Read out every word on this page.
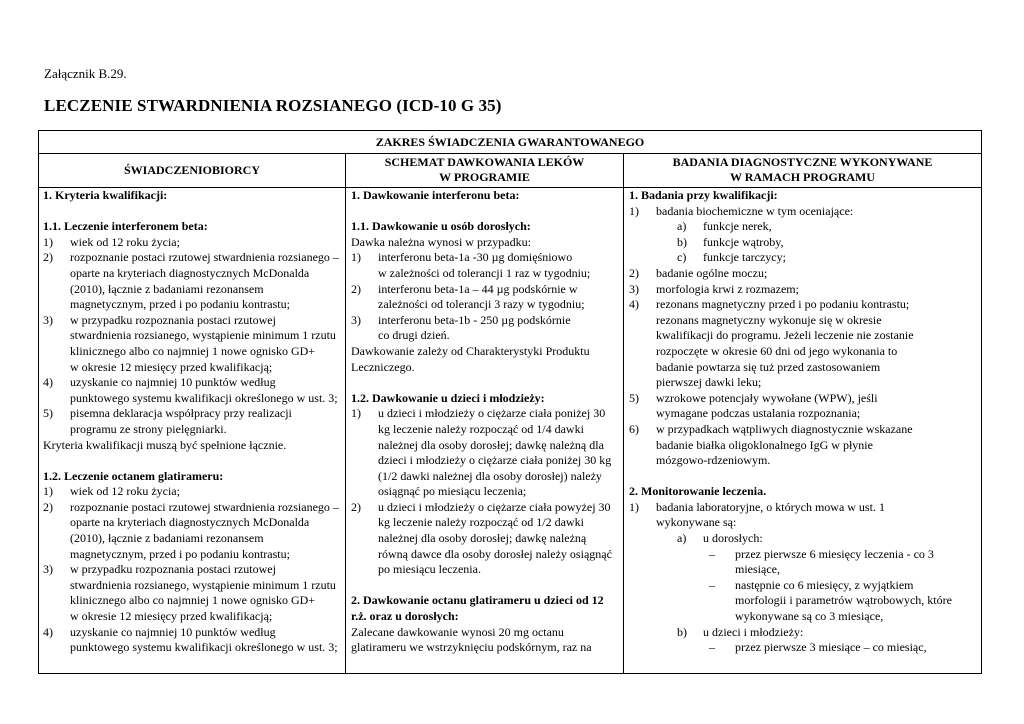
Załącznik B.29.
LECZENIE STWARDNIENIA ROZSIANEGO (ICD-10 G 35)
ZAKRES ŚWIADCZENIA GWARANTOWANEGO
ŚWIADCZENIOBIORCY
SCHEMAT DAWKOWANIA LEKÓW
W PROGRAMIE
BADANIA DIAGNOSTYCZNE WYKONYWANE
W RAMACH PROGRAMU
1. Kryteria kwalifikacji:
1.1. Leczenie interferonem beta:
1) wiek od 12 roku życia;
2) rozpoznanie postaci rzutowej stwardnienia rozsianego –
oparte na kryteriach diagnostycznych McDonalda
(2010), łącznie z badaniami rezonansem
magnetycznym, przed i po podaniu kontrastu;
3) w przypadku rozpoznania postaci rzutowej
stwardnienia rozsianego, wystąpienie minimum 1 rzutu
klinicznego albo co najmniej 1 nowe ognisko GD+
w okresie 12 miesięcy przed kwalifikacją;
4) uzyskanie co najmniej 10 punktów według
punktowego systemu kwalifikacji określonego w ust. 3;
5) pisemna deklaracja współpracy przy realizacji
programu ze strony pielęgniarki.
Kryteria kwalifikacji muszą być spełnione łącznie.
1.2. Leczenie octanem glatirameru:
1) wiek od 12 roku życia;
2) rozpoznanie postaci rzutowej stwardnienia rozsianego –
oparte na kryteriach diagnostycznych McDonalda
(2010), łącznie z badaniami rezonansem
magnetycznym, przed i po podaniu kontrastu;
3) w przypadku rozpoznania postaci rzutowej
stwardnienia rozsianego, wystąpienie minimum 1 rzutu
klinicznego albo co najmniej 1 nowe ognisko GD+
w okresie 12 miesięcy przed kwalifikacją;
4) uzyskanie co najmniej 10 punktów według
punktowego systemu kwalifikacji określonego w ust. 3;
1. Dawkowanie interferonu beta:
1.1. Dawkowanie u osób dorosłych:
Dawka należna wynosi w przypadku:
1) interferonu beta-1a -30 µg domięśniowo
w zależności od tolerancji 1 raz w tygodniu;
2) interferonu beta-1a – 44 µg podskórnie w
zależności od tolerancji 3 razy w tygodniu;
3) interferonu beta-1b - 250 µg podskórnie
co drugi dzień.
Dawkowanie zależy od Charakterystyki Produktu
Leczniczego.
1.2. Dawkowanie u dzieci i młodzieży:
1) u dzieci i młodzieży o ciężarze ciała poniżej 30
kg leczenie należy rozpocząć od 1/4 dawki
należnej dla osoby dorosłej; dawkę należną dla
dzieci i młodzieży o ciężarze ciała poniżej 30 kg
(1/2 dawki należnej dla osoby dorosłej) należy
osiągnąć po miesiącu leczenia;
2) u dzieci i młodzieży o ciężarze ciała powyżej 30
kg leczenie należy rozpocząć od 1/2 dawki
należnej dla osoby dorosłej; dawkę należną
równą dawce dla osoby dorosłej należy osiągnąć
po miesiącu leczenia.
2. Dawkowanie octanu glatirameru u dzieci od 12
r.ż. oraz u dorosłych:
Zalecane dawkowanie wynosi 20 mg octanu
glatirameru we wstrzyknięciu podskórnym, raz na
1. Badania przy kwalifikacji:
1) badania biochemiczne w tym oceniające:
a) funkcje nerek,
b) funkcje wątroby,
c) funkcje tarczycy;
2) badanie ogólne moczu;
3) morfologia krwi z rozmazem;
4) rezonans magnetyczny przed i po podaniu kontrastu;
rezonans magnetyczny wykonuje się w okresie
kwalifikacji do programu. Jeżeli leczenie nie zostanie
rozpoczęte w okresie 60 dni od jego wykonania to
badanie powtarza się tuż przed zastosowaniem
pierwszej dawki leku;
5) wzrokowe potencjały wywołane (WPW), jeśli
wymagane podczas ustalania rozpoznania;
6) w przypadkach wątpliwych diagnostycznie wskazane
badanie białka oligoklonalnego IgG w płynie
mózgowo-rdzeniowym.
2. Monitorowanie leczenia.
1) badania laboratoryjne, o których mowa w ust. 1
wykonywane są:
a) u dorosłych:
– przez pierwsze 6 miesięcy leczenia - co 3
miesiące,
– następnie co 6 miesięcy, z wyjątkiem
morfologii i parametrów wątrobowych, które
wykonywane są co 3 miesiące,
b) u dzieci i młodzieży:
– przez pierwsze 3 miesiące – co miesiąc,
